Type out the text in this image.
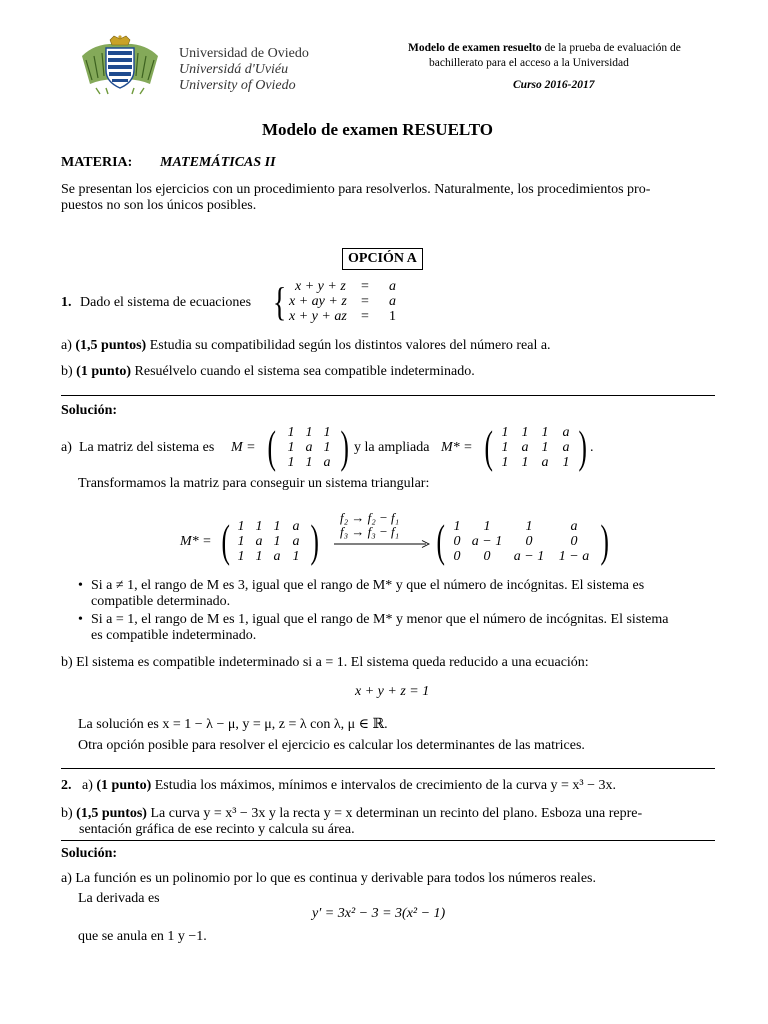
Universidad de Oviedo
Universidá d'Uviéu
University of Oviedo
Modelo de examen resuelto de la prueba de evaluación de
bachillerato para el acceso a la Universidad
Curso 2016-2017
Modelo de examen RESUELTO
MATERIA: MATEMÁTICAS II
Se presentan los ejercicios con un procedimiento para resolverlos. Naturalmente, los procedimientos pro-
puestos no son los únicos posibles.
OPCIÓN A
1. Dado el sistema de ecuaciones { x + y + z = a
x + ay + z = a
x + y + az = 1
a) (1,5 puntos) Estudia su compatibilidad según los distintos valores del número real a.
b) (1 punto) Resuélvelo cuando el sistema sea compatible indeterminado.
Solución:
a) La matriz del sistema es M = ( 1 1 1
1 a 1
1 1 a ) y la ampliada M* = ( 1 1 1	a
1 a 1	a
1 1 a	1 ) .
Transformamos la matriz para conseguir un sistema triangular:
M* = ( 1 1 1 a
1 a 1 a
1 1 a 1 ) f₂ → f₂ − f₁
f₃ → f₃ − f₁ ( 1	1	1	a
0 a − 1	0	0
0	0	a − 1	1 − a )
• Si a ≠ 1, el rango de M es 3, igual que el rango de M* y que el número de incógnitas. El sistema es
compatible determinado.
• Si a = 1, el rango de M es 1, igual que el rango de M* y menor que el número de incógnitas. El sistema
es compatible indeterminado.
b) El sistema es compatible indeterminado si a = 1. El sistema queda reducido a una ecuación:
x + y + z = 1
La solución es x = 1 − λ − μ, y = μ, z = λ con λ, μ ∈ ℝ.
Otra opción posible para resolver el ejercicio es calcular los determinantes de las matrices.
2. a) (1 punto) Estudia los máximos, mínimos e intervalos de crecimiento de la curva y = x³ − 3x.
b) (1,5 puntos) La curva y = x³ − 3x y la recta y = x determinan un recinto del plano. Esboza una repre-
sentación gráfica de ese recinto y calcula su área.
Solución:
a) La función es un polinomio por lo que es continua y derivable para todos los números reales.
La derivada es
y′ = 3x² − 3 = 3(x² − 1)
que se anula en 1 y −1.
